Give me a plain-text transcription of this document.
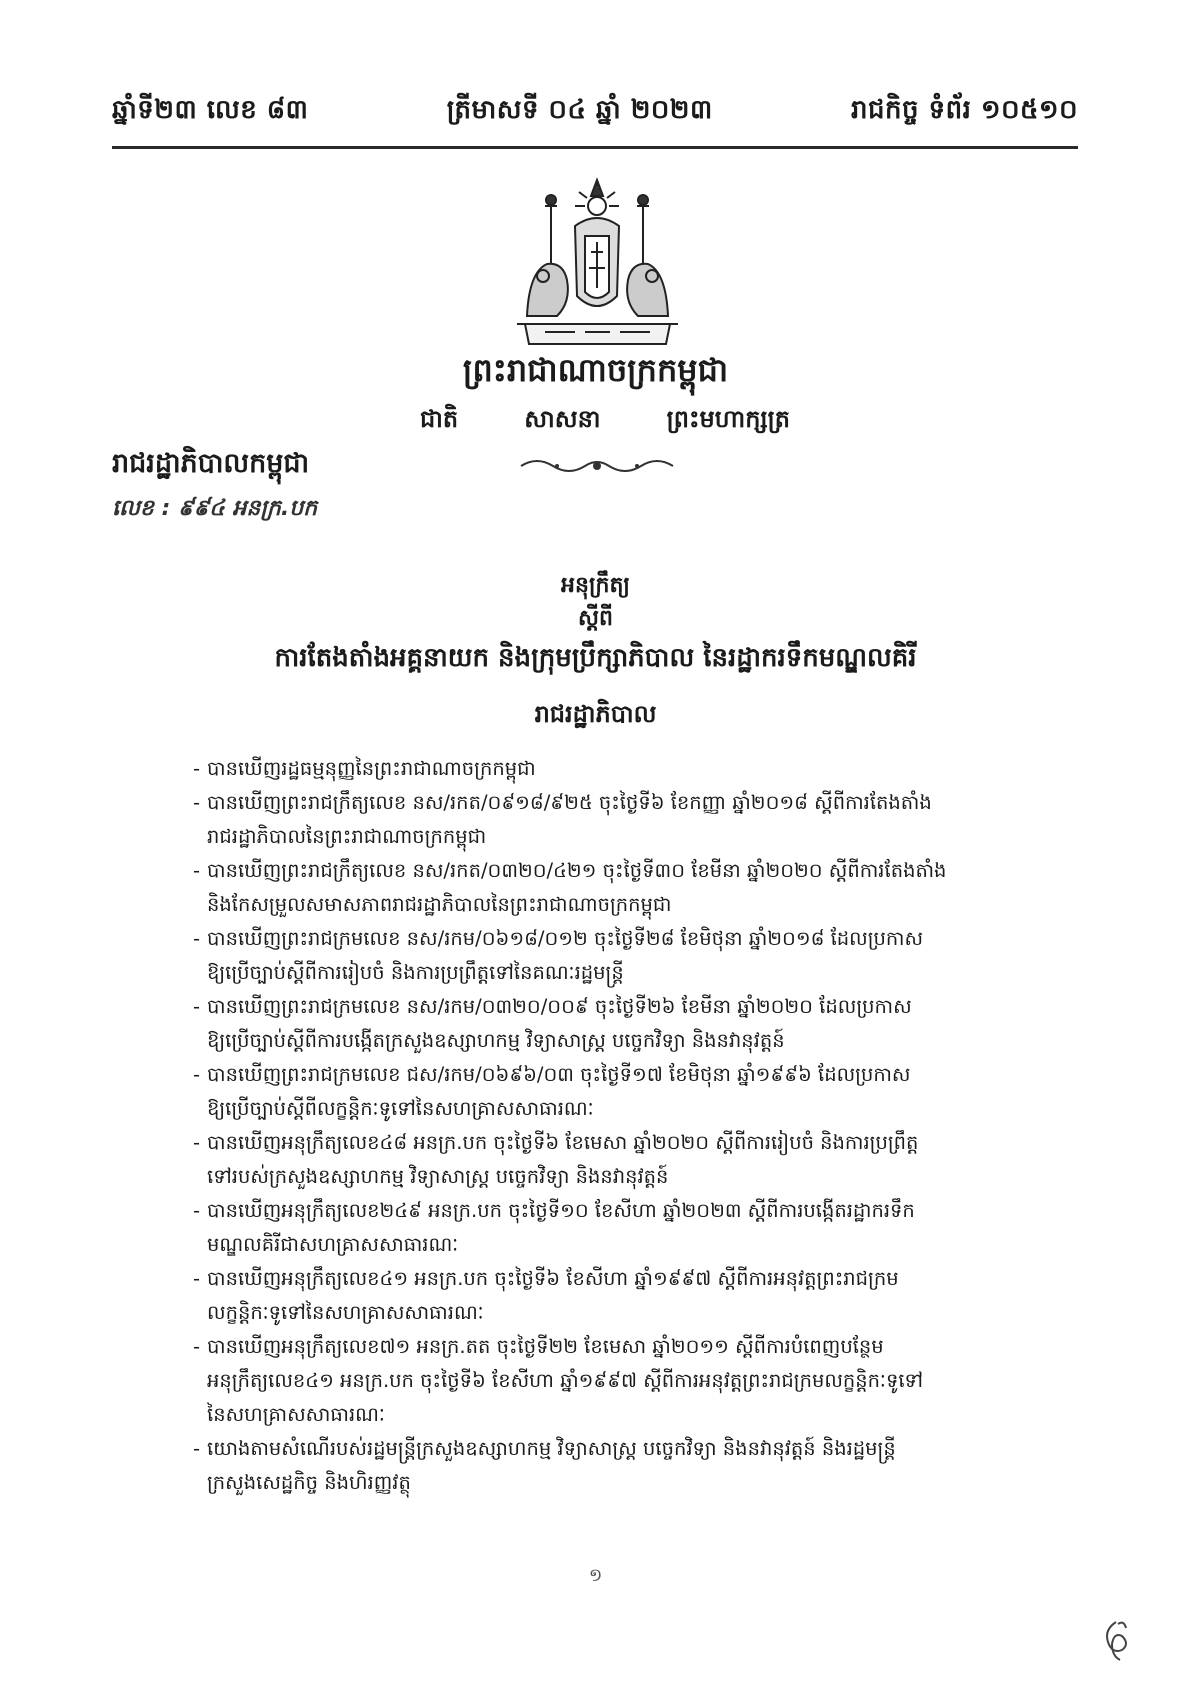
ឆ្នាំទី២៣ លេខ ៨៣	ត្រីមាសទី ០៤ ឆ្នាំ ២០២៣	រាជកិច្ច ទំព័រ ១០៥១០
ព្រះរាជាណាចក្រកម្ពុជា
ជាតិ	សាសនា	ព្រះមហាក្សត្រ
រាជរដ្ឋាភិបាលកម្ពុជា
លេខ : ៩៩៤ អនក្រ.បក
អនុក្រឹត្យ
ស្តីពី
ការតែងតាំងអគ្គនាយក និងក្រុមប្រឹក្សាភិបាល នៃរដ្ឋាករទឹកមណ្ឌលគិរី
រាជរដ្ឋាភិបាល
- បានឃើញរដ្ឋធម្មនុញ្ញនៃព្រះរាជាណាចក្រកម្ពុជា
- បានឃើញព្រះរាជក្រឹត្យលេខ នស/រកត/០៩១៨/៩២៥ ចុះថ្ងៃទី៦ ខែកញ្ញា ឆ្នាំ២០១៨ ស្តីពីការតែងតាំង
រាជរដ្ឋាភិបាលនៃព្រះរាជាណាចក្រកម្ពុជា
- បានឃើញព្រះរាជក្រឹត្យលេខ នស/រកត/០៣២០/៤២១ ចុះថ្ងៃទី៣០ ខែមីនា ឆ្នាំ២០២០ ស្តីពីការតែងតាំង
និងកែសម្រួលសមាសភាពរាជរដ្ឋាភិបាលនៃព្រះរាជាណាចក្រកម្ពុជា
- បានឃើញព្រះរាជក្រមលេខ នស/រកម/០៦១៨/០១២ ចុះថ្ងៃទី២៨ ខែមិថុនា ឆ្នាំ២០១៨ ដែលប្រកាស
ឱ្យប្រើច្បាប់ស្តីពីការរៀបចំ និងការប្រព្រឹត្តទៅនៃគណៈរដ្ឋមន្ត្រី
- បានឃើញព្រះរាជក្រមលេខ នស/រកម/០៣២០/០០៩ ចុះថ្ងៃទី២៦ ខែមីនា ឆ្នាំ២០២០ ដែលប្រកាស
ឱ្យប្រើច្បាប់ស្តីពីការបង្កើតក្រសួងឧស្សាហកម្ម វិទ្យាសាស្ត្រ បច្ចេកវិទ្យា និងនវានុវត្តន៍
- បានឃើញព្រះរាជក្រមលេខ ជស/រកម/០៦៩៦/០៣ ចុះថ្ងៃទី១៧ ខែមិថុនា ឆ្នាំ១៩៩៦ ដែលប្រកាស
ឱ្យប្រើច្បាប់ស្តីពីលក្ខន្តិកៈទូទៅនៃសហគ្រាសសាធារណៈ
- បានឃើញអនុក្រឹត្យលេខ៤៨ អនក្រ.បក ចុះថ្ងៃទី៦ ខែមេសា ឆ្នាំ២០២០ ស្តីពីការរៀបចំ និងការប្រព្រឹត្ត
ទៅរបស់ក្រសួងឧស្សាហកម្ម វិទ្យាសាស្ត្រ បច្ចេកវិទ្យា និងនវានុវត្តន៍
- បានឃើញអនុក្រឹត្យលេខ២៤៩ អនក្រ.បក ចុះថ្ងៃទី១០ ខែសីហា ឆ្នាំ២០២៣ ស្តីពីការបង្កើតរដ្ឋាករទឹក
មណ្ឌលគិរីជាសហគ្រាសសាធារណៈ
- បានឃើញអនុក្រឹត្យលេខ៤១ អនក្រ.បក ចុះថ្ងៃទី៦ ខែសីហា ឆ្នាំ១៩៩៧ ស្តីពីការអនុវត្តព្រះរាជក្រម
លក្ខន្តិកៈទូទៅនៃសហគ្រាសសាធារណៈ
- បានឃើញអនុក្រឹត្យលេខ៧១ អនក្រ.តត ចុះថ្ងៃទី២២ ខែមេសា ឆ្នាំ២០១១ ស្តីពីការបំពេញបន្ថែម
អនុក្រឹត្យលេខ៤១ អនក្រ.បក ចុះថ្ងៃទី៦ ខែសីហា ឆ្នាំ១៩៩៧ ស្តីពីការអនុវត្តព្រះរាជក្រមលក្ខន្តិកៈទូទៅ
នៃសហគ្រាសសាធារណៈ
- យោងតាមសំណើរបស់រដ្ឋមន្ត្រីក្រសួងឧស្សាហកម្ម វិទ្យាសាស្ត្រ បច្ចេកវិទ្យា និងនវានុវត្តន៍ និងរដ្ឋមន្ត្រី
ក្រសួងសេដ្ឋកិច្ច និងហិរញ្ញវត្ថុ
១
